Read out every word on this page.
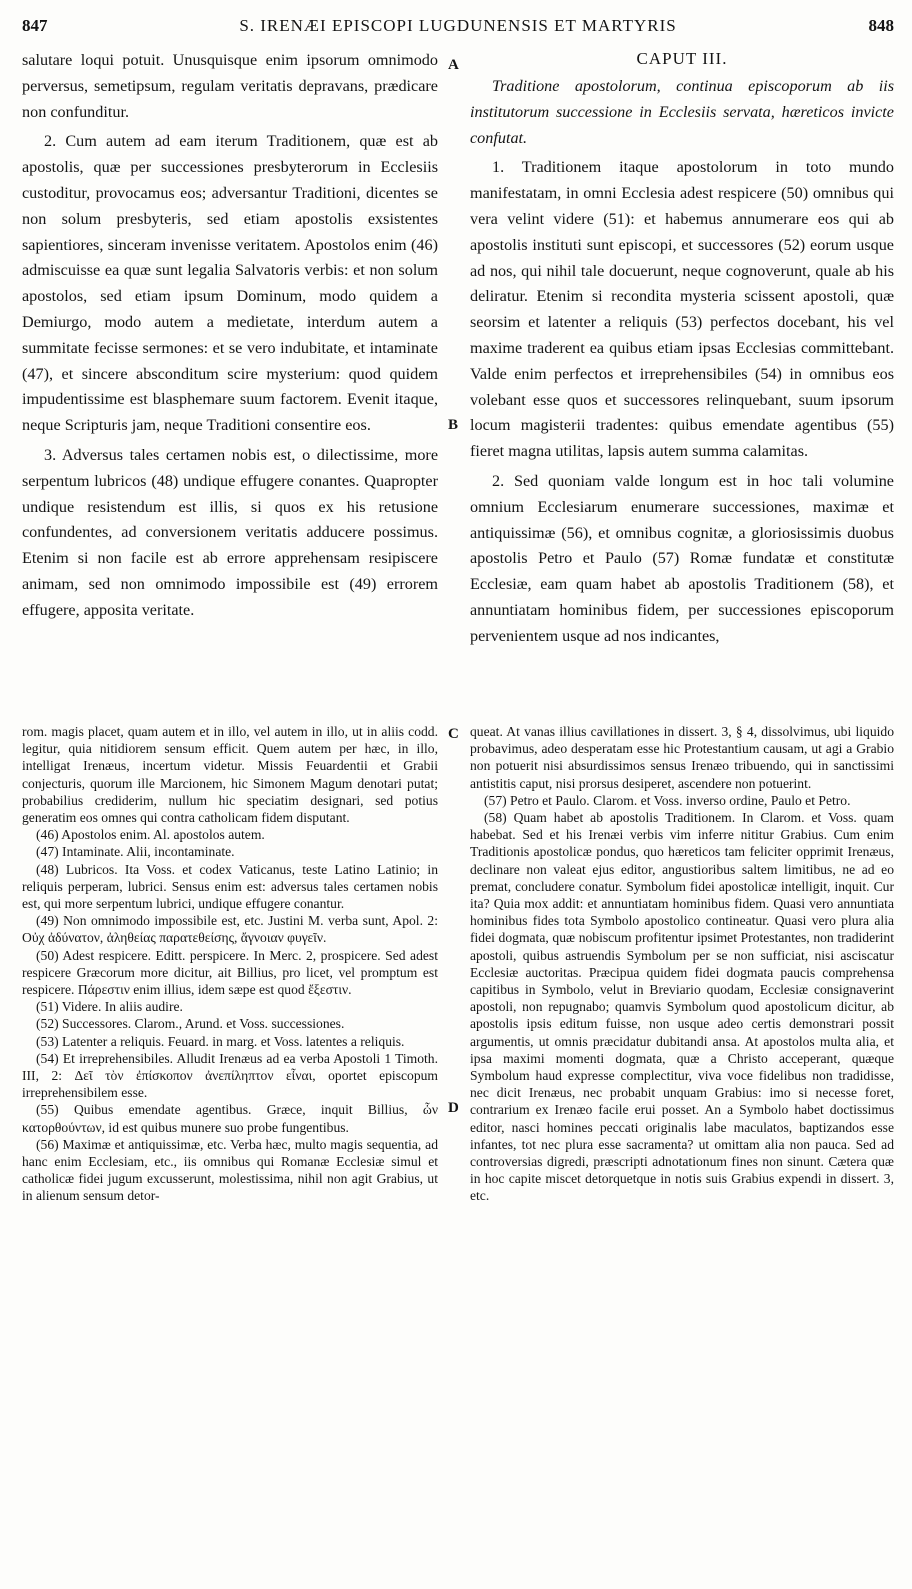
847	S. IRENÆI EPISCOPI LUGDUNENSIS ET MARTYRIS	848

salutare loqui potuit. Unusquisque enim ipsorum omnimodo perversus, semetipsum, regulam veritatis depravans, prædicare non confunditur.

2. Cum autem ad eam iterum Traditionem, quæ est ab apostolis, quæ per successiones presbyterorum in Ecclesiis custoditur, provocamus eos; adversantur Traditioni, dicentes se non solum presbyteris, sed etiam apostolis exsistentes sapientiores, sinceram invenisse veritatem. Apostolos enim (46) admiscuisse ea quæ sunt legalia Salvatoris verbis: et non solum apostolos, sed etiam ipsum Dominum, modo quidem a Demiurgo, modo autem a medietate, interdum autem a summitate fecisse sermones: et se vero indubitate, et intaminate (47), et sincere absconditum scire mysterium: quod quidem impudentissime est blasphemare suum factorem. Evenit itaque, neque Scripturis jam, neque Traditioni consentire eos.

3. Adversus tales certamen nobis est, o dilectissime, more serpentum lubricos (48) undique effugere conantes. Quapropter undique resistendum est illis, si quos ex his retusione confundentes, ad conversionem veritatis adducere possimus. Etenim si non facile est ab errore apprehensam resipiscere animam, sed non omnimodo impossibile est (49) errorem effugere, apposita veritate.

A
B
C
D
CAPUT III.

Traditione apostolorum, continua episcoporum ab iis institutorum successione in Ecclesiis servata, hæreticos invicte confutat.

1. Traditionem itaque apostolorum in toto mundo manifestatam, in omni Ecclesia adest respicere (50) omnibus qui vera velint videre (51): et habemus annumerare eos qui ab apostolis instituti sunt episcopi, et successores (52) eorum usque ad nos, qui nihil tale docuerunt, neque cognoverunt, quale ab his deliratur. Etenim si recondita mysteria scissent apostoli, quæ seorsim et latenter a reliquis (53) perfectos docebant, his vel maxime traderent ea quibus etiam ipsas Ecclesias committebant. Valde enim perfectos et irreprehensibiles (54) in omnibus eos volebant esse quos et successores relinquebant, suum ipsorum locum magisterii tradentes: quibus emendate agentibus (55) fieret magna utilitas, lapsis autem summa calamitas.

2. Sed quoniam valde longum est in hoc tali volumine omnium Ecclesiarum enumerare successiones, maximæ et antiquissimæ (56), et omnibus cognitæ, a gloriosissimis duobus apostolis Petro et Paulo (57) Romæ fundatæ et constitutæ Ecclesiæ, eam quam habet ab apostolis Traditionem (58), et annuntiatam hominibus fidem, per successiones episcoporum pervenientem usque ad nos indicantes,

rom. magis placet, quam autem et in illo, vel autem in illo, ut in aliis codd. legitur, quia nitidiorem sensum efficit. Quem autem per hæc, in illo, intelligat Irenæus, incertum videtur. Missis Feuardentii et Grabii conjecturis, quorum ille Marcionem, hic Simonem Magum denotari putat; probabilius crediderim, nullum hic speciatim designari, sed potius generatim eos omnes qui contra catholicam fidem disputant.

(46) Apostolos enim. Al. apostolos autem.

(47) Intaminate. Alii, incontaminate.

(48) Lubricos. Ita Voss. et codex Vaticanus, teste Latino Latinio; in reliquis perperam, lubrici. Sensus enim est: adversus tales certamen nobis est, qui more serpentum lubrici, undique effugere conantur.

(49) Non omnimodo impossibile est, etc. Justini M. verba sunt, Apol. 2: Οὐχ ἀδύνατον, ἀληθείας παρατεθείσης, ἄγνοιαν φυγεῖν.

(50) Adest respicere. Editt. perspicere. In Merc. 2, prospicere. Sed adest respicere Græcorum more dicitur, ait Billius, pro licet, vel promptum est respicere. Πάρεστιν enim illius, idem sæpe est quod ἔξεστιν.

(51) Videre. In aliis audire.

(52) Successores. Clarom., Arund. et Voss. successiones.

(53) Latenter a reliquis. Feuard. in marg. et Voss. latentes a reliquis.

(54) Et irreprehensibiles. Alludit Irenæus ad ea verba Apostoli 1 Timoth. III, 2: Δεῖ τὸν ἐπίσκοπον ἀνεπίληπτον εἶναι, oportet episcopum irreprehensibilem esse.

(55) Quibus emendate agentibus. Græce, inquit Billius, ὧν κατορθούντων, id est quibus munere suo probe fungentibus.

(56) Maximæ et antiquissimæ, etc. Verba hæc, multo magis sequentia, ad hanc enim Ecclesiam, etc., iis omnibus qui Romanæ Ecclesiæ simul et catholicæ fidei jugum excusserunt, molestissima, nihil non agit Grabius, ut in alienum sensum detor-

queat. At vanas illius cavillationes in dissert. 3, § 4, dissolvimus, ubi liquido probavimus, adeo desperatam esse hic Protestantium causam, ut agi a Grabio non potuerit nisi absurdissimos sensus Irenæo tribuendo, qui in sanctissimi antistitis caput, nisi prorsus desiperet, ascendere non potuerint.

(57) Petro et Paulo. Clarom. et Voss. inverso ordine, Paulo et Petro.

(58) Quam habet ab apostolis Traditionem. In Clarom. et Voss. quam habebat. Sed et his Irenæi verbis vim inferre nititur Grabius. Cum enim Traditionis apostolicæ pondus, quo hæreticos tam feliciter opprimit Irenæus, declinare non valeat ejus editor, angustioribus saltem limitibus, ne ad eo premat, concludere conatur. Symbolum fidei apostolicæ intelligit, inquit. Cur ita? Quia mox addit: et annuntiatam hominibus fidem. Quasi vero annuntiata hominibus fides tota Symbolo apostolico contineatur. Quasi vero plura alia fidei dogmata, quæ nobiscum profitentur ipsimet Protestantes, non tradiderint apostoli, quibus astruendis Symbolum per se non sufficiat, nisi asciscatur Ecclesiæ auctoritas. Præcipua quidem fidei dogmata paucis comprehensa capitibus in Symbolo, velut in Breviario quodam, Ecclesiæ consignaverint apostoli, non repugnabo; quamvis Symbolum quod apostolicum dicitur, ab apostolis ipsis editum fuisse, non usque adeo certis demonstrari possit argumentis, ut omnis præcidatur dubitandi ansa. At apostolos multa alia, et ipsa maximi momenti dogmata, quæ a Christo acceperant, quæque Symbolum haud expresse complectitur, viva voce fidelibus non tradidisse, nec dicit Irenæus, nec probabit unquam Grabius: imo si necesse foret, contrarium ex Irenæo facile erui posset. An a Symbolo habet doctissimus editor, nasci homines peccati originalis labe maculatos, baptizandos esse infantes, tot nec plura esse sacramenta? ut omittam alia non pauca. Sed ad controversias digredi, præscripti adnotationum fines non sinunt. Cætera quæ in hoc capite miscet detorquetque in notis suis Grabius expendi in dissert. 3, etc.
